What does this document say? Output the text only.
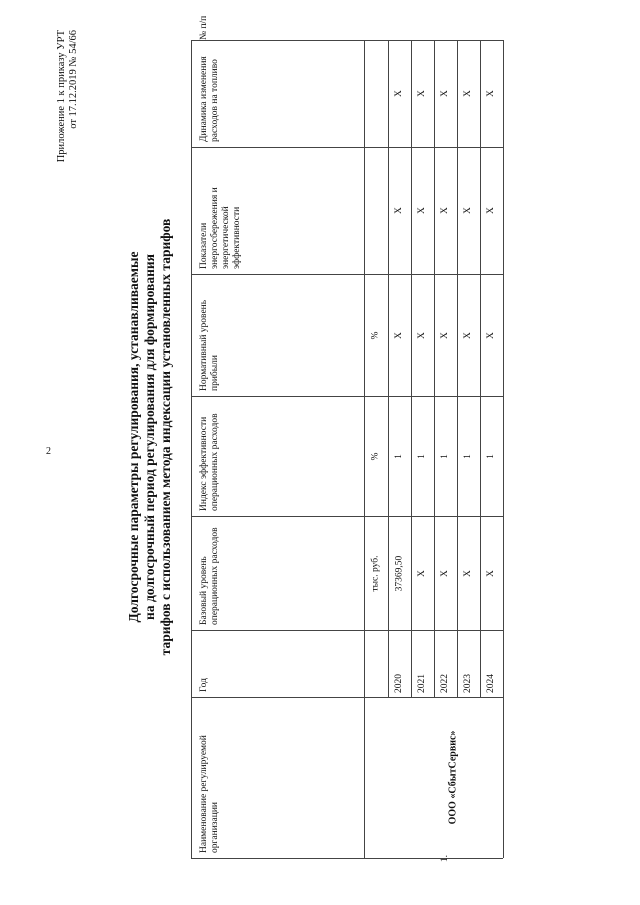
2
Приложение 1 к приказу УРТ от 17.12.2019 № 54/66
Долгосрочные параметры регулирования, устанавливаемые на долгосрочный период регулирования для формирования тарифов с использованием метода индексации установленных тарифов
Динамика изменения расходов на топливо
Показатели энергосбережения и энергетической эффективности
Нормативный уровень прибыли
Индекс эффективности операционных расходов
Базовый уровень операционных расходов
Год
Наименование регулируемой организации
№ п/п
тыс. руб.
%
%
2020
37369,50
1
X
X
X
2021
X
1
X
X
X
2022
X
1
X
X
X
2023
X
1
X
X
X
2024
X
1
X
X
X
ООО «СбытСервис»
1.
